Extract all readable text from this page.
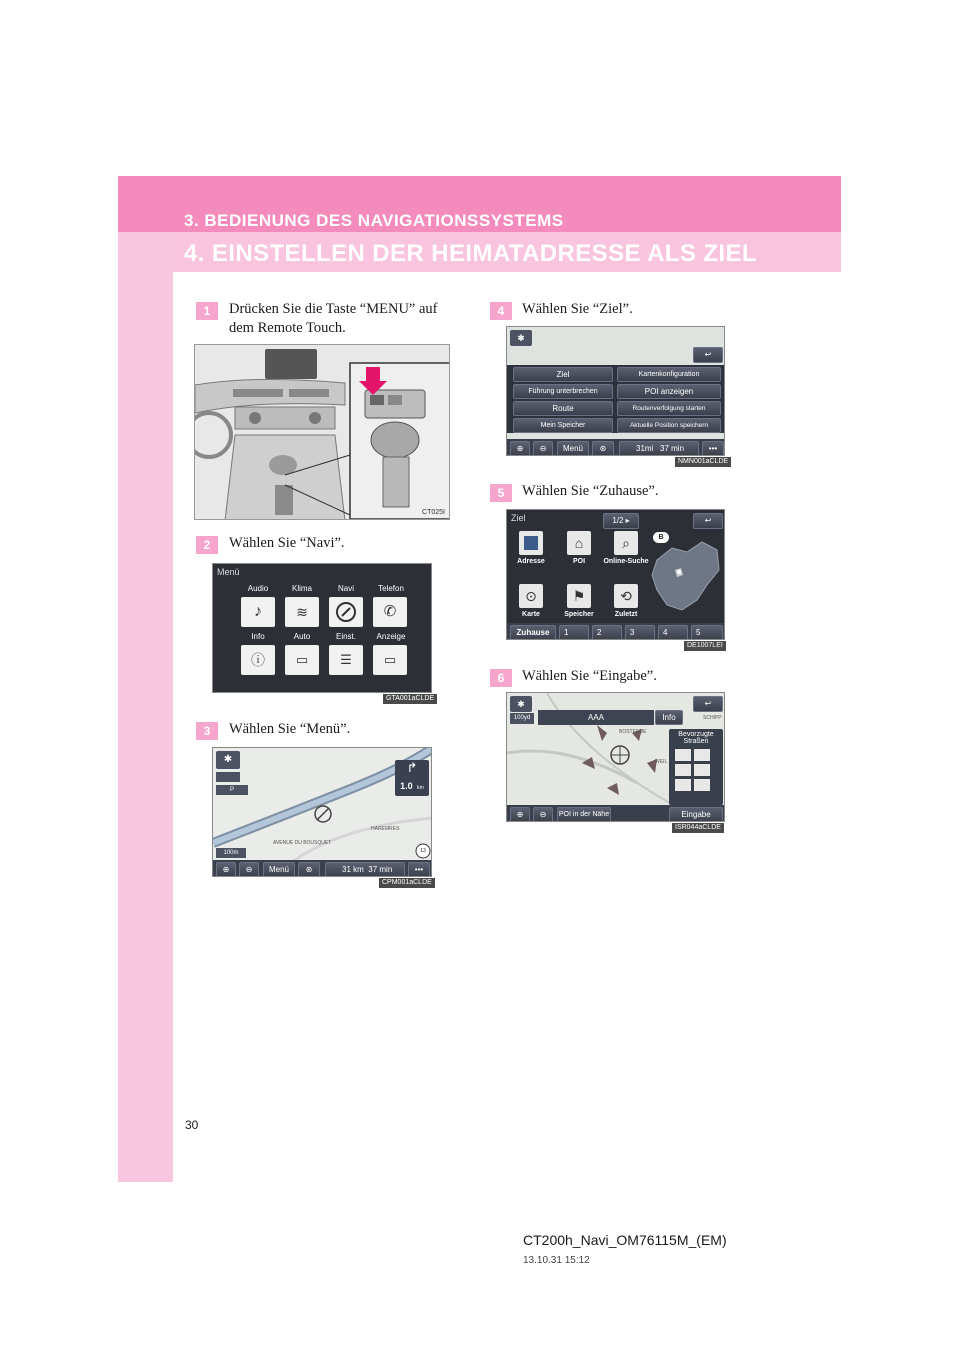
3. BEDIENUNG DES NAVIGATIONSSYSTEMS
4. EINSTELLEN DER HEIMATADRESSE ALS ZIEL
1	Drücken Sie die Taste “MENU” auf
dem Remote Touch.
CT025I
2	Wählen Sie “Navi”.
Menü
Audio	Klima	Navi	Telefon
♪	≋	✆
Info	Auto	Einst.	Anzeige
ⓘ	▭	☰	▭
GTA001aCLDE
3	Wählen Sie “Menü”.
✱
P
↱
1.0 km
AVENUE DU BOUSQUET
HAREMRES
13
100m
⊕	⊖	Menü	⊛	31 km 37 min	•••
CPM001aCLDE
4	Wählen Sie “Ziel”.
✱
↩
Ziel
Führung unterbrechen
Route
Mein Speicher
Kartenkonfiguration
POI anzeigen
Routenverfolgung starten
Aktuelle Position speichern
⊕	⊖	Menü	⊛	31mi 37 min	•••
NMN001aCLDE
5	Wählen Sie “Zuhause”.
Ziel	1/2 ▸	↩
B
Adresse
⌂
POI
⌕
Online-Suche
⊙
Karte
⚑
Speicher
⟲
Zuletzt
Zuhause	1	2	3	4	5
DE1007LEI
6	Wählen Sie “Eingabe”.
✱	↩
100yd	AAA	Info
BOSTENDE
WEIL
SCHIPP
Bevorzugte
Straßen
⊕	⊖	POI in der Nähe	Eingabe
ISR044aCLDE
30
CT200h_Navi_OM76115M_(EM)
13.10.31 15:12
